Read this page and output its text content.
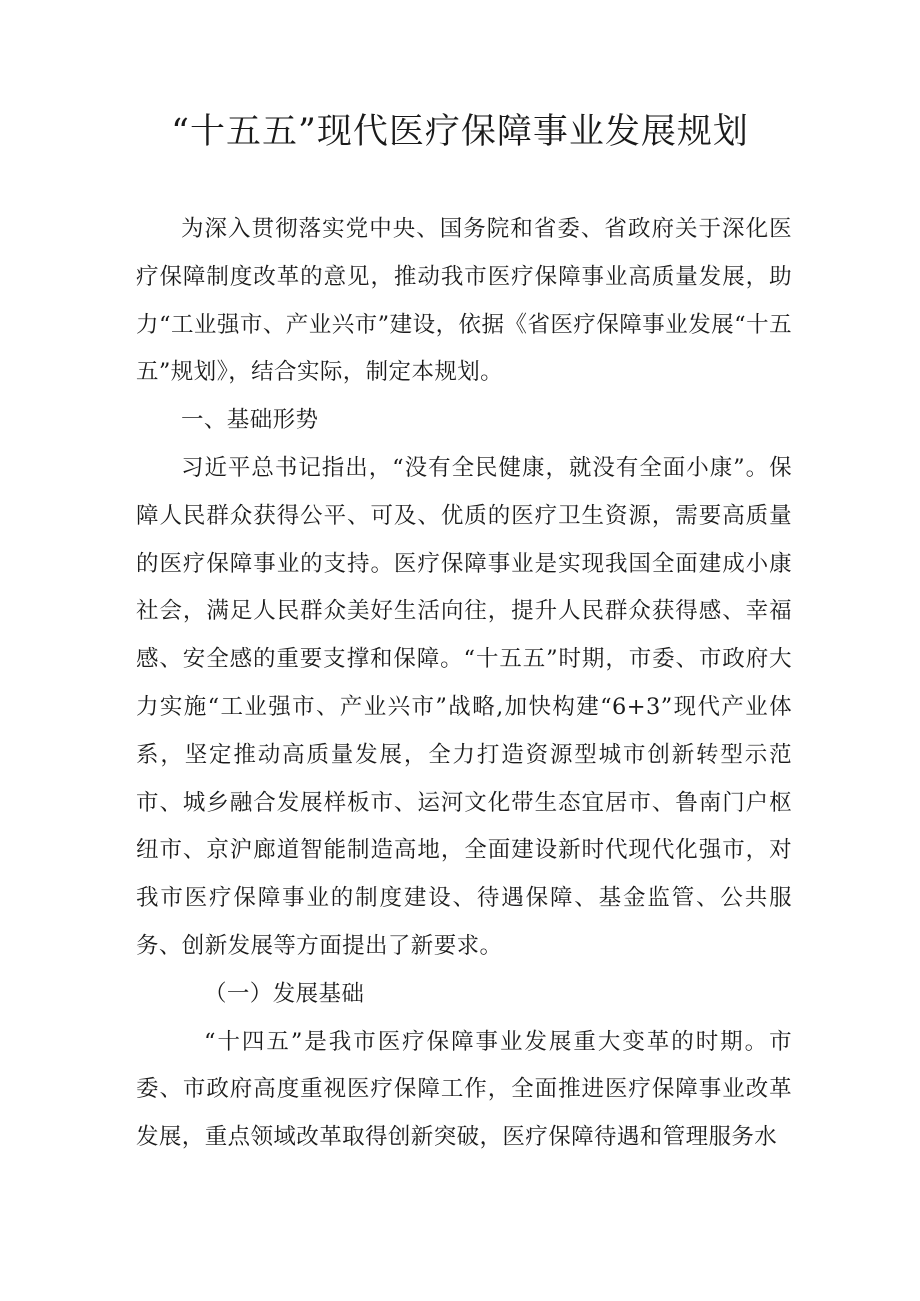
“十五五”现代医疗保障事业发展规划

为深入贯彻落实党中央、国务院和省委、省政府关于深化医疗保障制度改革的意见，推动我市医疗保障事业高质量发展，助力“工业强市、产业兴市”建设，依据《省医疗保障事业发展“十五五”规划》，结合实际，制定本规划。

一、基础形势

习近平总书记指出，“没有全民健康，就没有全面小康”。保障人民群众获得公平、可及、优质的医疗卫生资源，需要高质量的医疗保障事业的支持。医疗保障事业是实现我国全面建成小康社会，满足人民群众美好生活向往，提升人民群众获得感、幸福感、安全感的重要支撑和保障。“十五五”时期，市委、市政府大力实施“工业强市、产业兴市”战略,加快构建“6+3”现代产业体系，坚定推动高质量发展，全力打造资源型城市创新转型示范市、城乡融合发展样板市、运河文化带生态宜居市、鲁南门户枢纽市、京沪廊道智能制造高地，全面建设新时代现代化强市，对我市医疗保障事业的制度建设、待遇保障、基金监管、公共服务、创新发展等方面提出了新要求。

（一）发展基础

“十四五”是我市医疗保障事业发展重大变革的时期。市委、市政府高度重视医疗保障工作，全面推进医疗保障事业改革发展，重点领域改革取得创新突破，医疗保障待遇和管理服务水
